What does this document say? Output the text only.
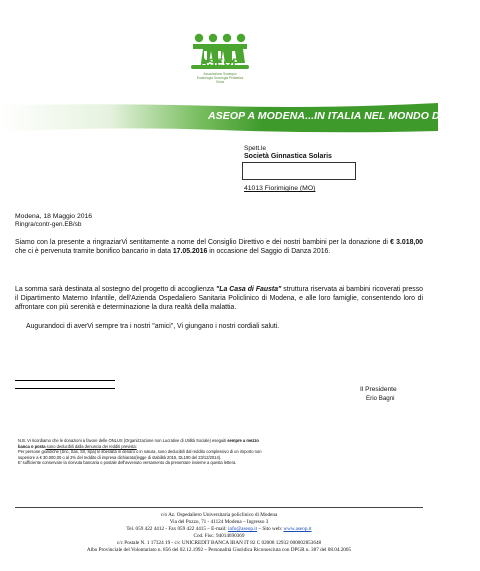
ASEOP
Associazione Sostegno
Ematologia Oncologia Pediatrica
Onlus
ASEOP A MODENA...IN ITALIA NEL MONDO DAL 1988
Spett.le
Società Ginnastica Solaris
41013 Fiorimigine (MO)
Modena, 18 Maggio 2016
Ringra/contr-gen.EB/sb
Siamo con la presente a ringraziarVi sentitamente a nome del Consiglio Direttivo e dei nostri bambini per la donazione di € 3.018,00 che ci è pervenuta tramite bonifico bancario in data 17.05.2016 in occasione del Saggio di Danza 2016.
La somma sarà destinata al sostegno del progetto di accoglienza "La Casa di Fausta" struttura riservata ai bambini ricoverati presso il Dipartimento Materno Infantile, dell'Azienda Ospedaliero Sanitaria Policlinico di Modena, e alle loro famiglie, consentendo loro di affrontare con più serenità e determinazione la dura realtà della malattia.
Augurandoci di averVi sempre tra i nostri "amici", Vi giungano i nostri cordiali saluti.
Il Presidente
Erio Bagni
N.B. Vi ricordiamo che le donazioni a favore delle ONLUS (Organizzazione non Lucrative di Utilità Sociale) eseguiti sempre a mezzo
banca o posta sono deducibili dalla denuncia dei redditi prevista:
Per persone giuridiche (Snc, Sas, Srl, Spa) le liberalità in denaro o in natura, sono deducibili dal reddito complessivo di un importo non
superiore a € 30.000,00 o al 2% del reddito di impresa dichiarato(legge di stabilità 2015, DL190 del 23/12/2014).
E' sufficiente conservare la ricevuta bancaria o postale dell'avvenuto versamento da presentare insieme a questa lettera.
c/o Az. Ospedaliero Universitaria policlinico di Modena
Via del Pozzo, 71 - 41124 Modena – Ingresso 3
Tel. 059 422 4412 - Fax 059 422 4415 – E-mail: info@aseop.it – Sito web: www.aseop.it
Cod. Fisc. 94014690369
c/c Postale N. 1 17324 19 - c/c UNICREDIT BANCA IBAN IT 82 C 02008 12932 000002853648
Albo Provinciale del Volontariato n. 856 del 02.12.1992 – Personalità Giuridica Riconosciuta con DPGR n. 387 del 08.04.2005
